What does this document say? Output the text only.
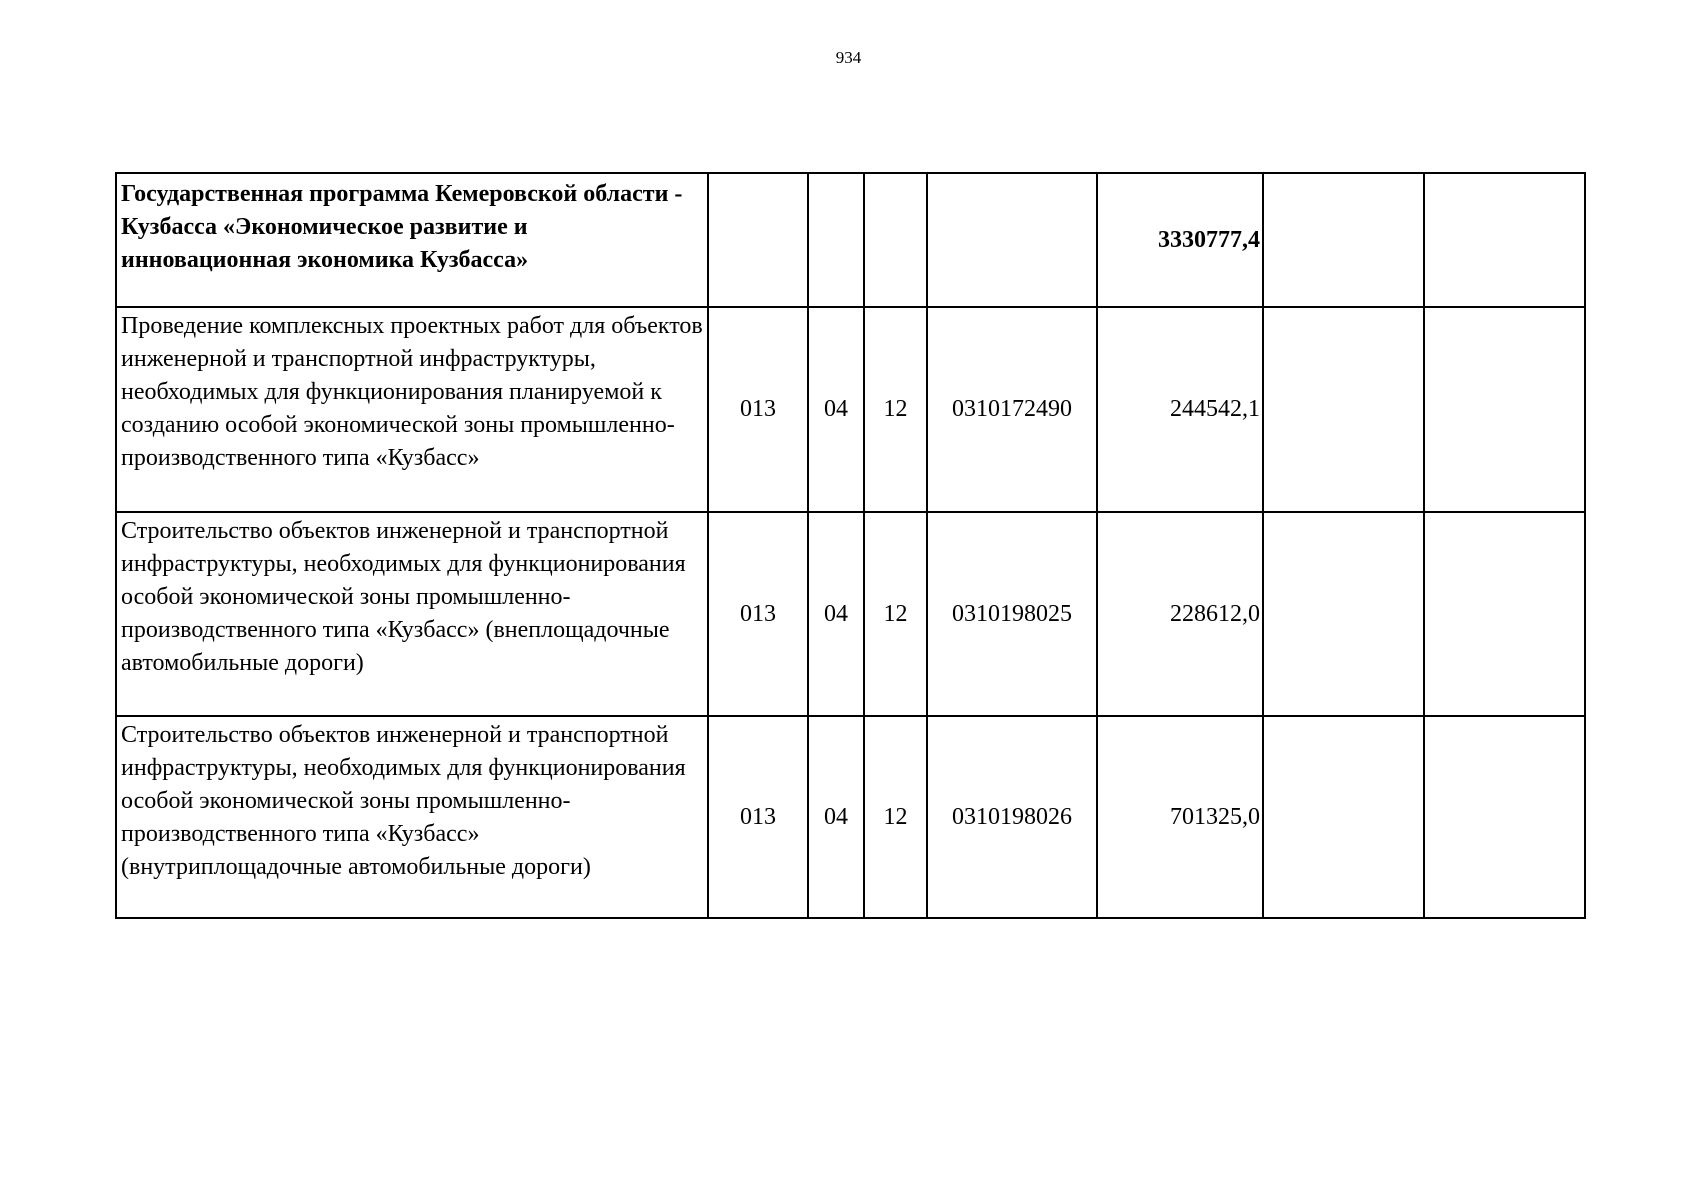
934
Государственная программа Кемеровской области - Кузбасса «Экономическое развитие и инновационная экономика Кузбасса»					3330777,4		
Проведение комплексных проектных работ для объектов инженерной и транспортной инфраструктуры, необходимых для функционирования планируемой к созданию особой экономической зоны промышленно-производственного типа «Кузбасс»	013	04	12	0310172490	244542,1		
Строительство объектов инженерной и транспортной инфраструктуры, необходимых для функционирования особой экономической зоны промышленно-производственного типа «Кузбасс» (внеплощадочные автомобильные дороги)	013	04	12	0310198025	228612,0		
Строительство объектов инженерной и транспортной инфраструктуры, необходимых для функционирования особой экономической зоны промышленно-производственного типа «Кузбасс» (внутриплощадочные автомобильные дороги)	013	04	12	0310198026	701325,0		
